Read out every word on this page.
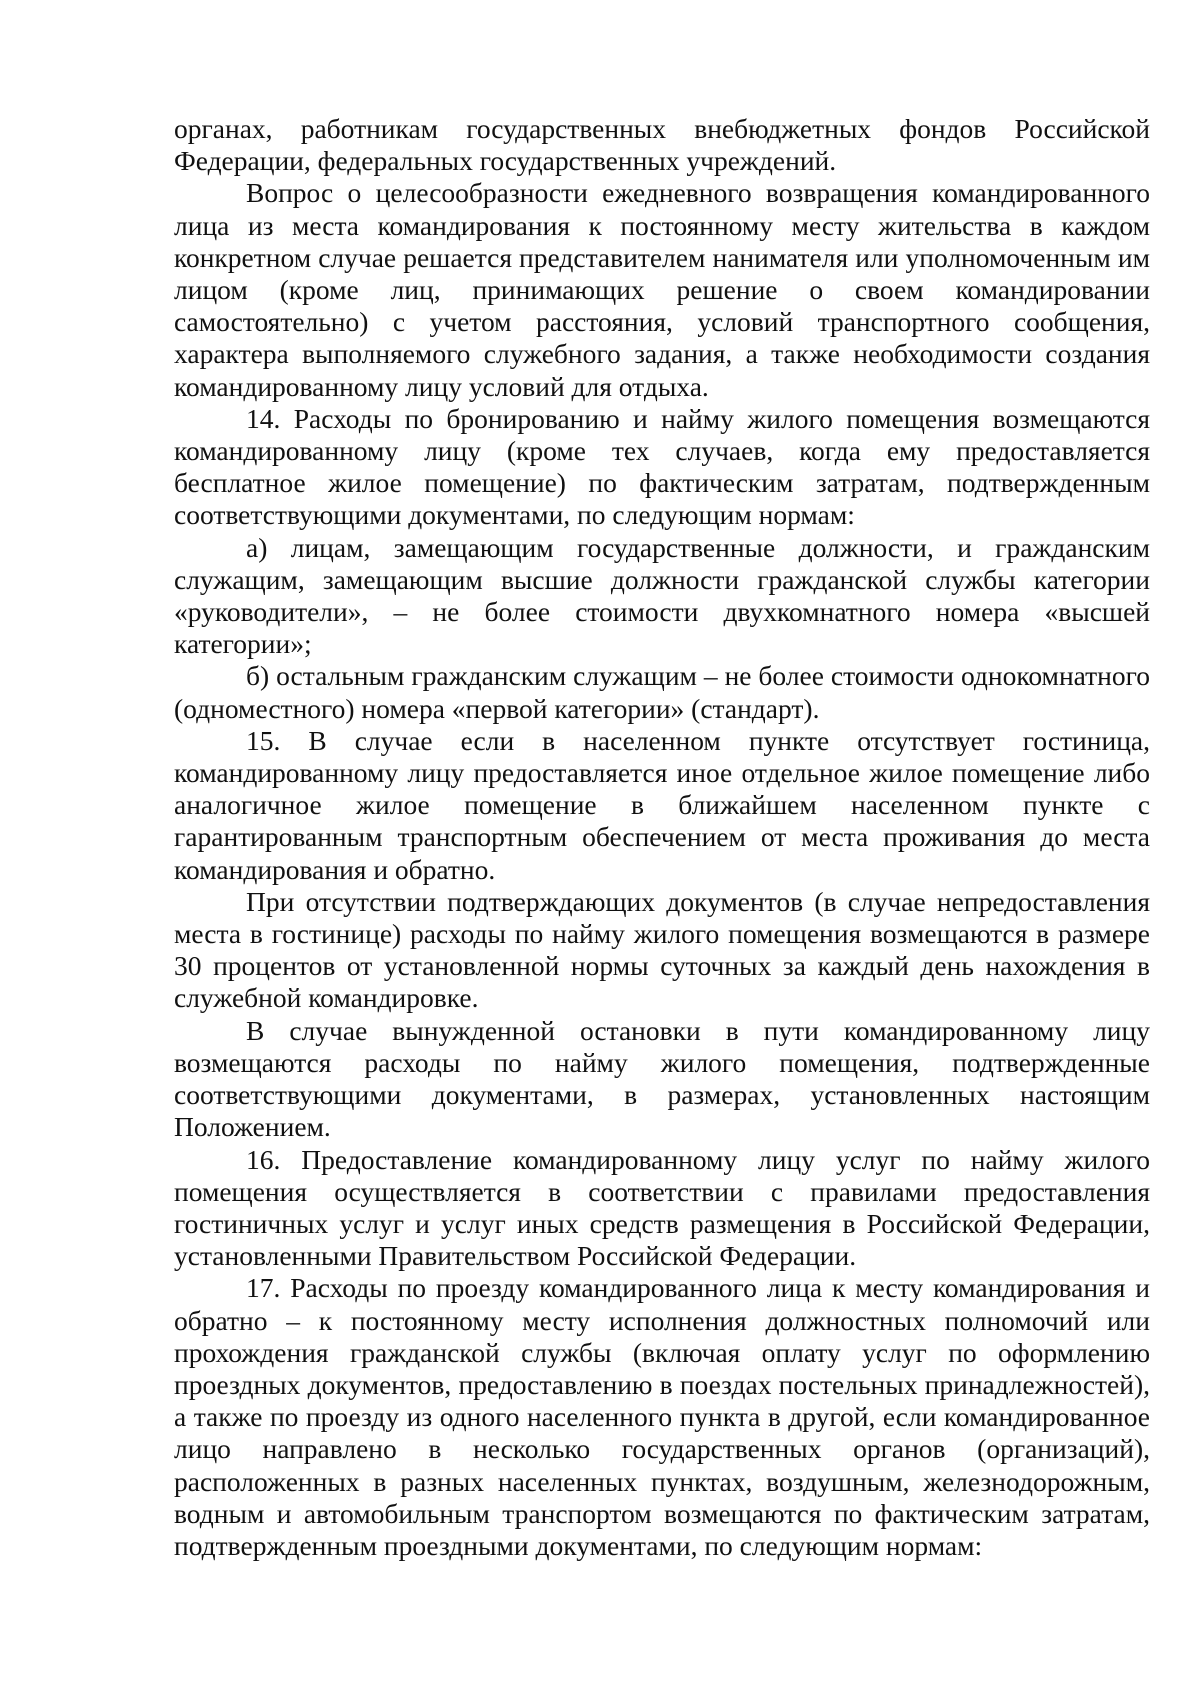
органах, работникам государственных внебюджетных фондов Российской Федерации, федеральных государственных учреждений.

Вопрос о целесообразности ежедневного возвращения командированного лица из места командирования к постоянному месту жительства в каждом конкретном случае решается представителем нанимателя или уполномоченным им лицом (кроме лиц, принимающих решение о своем командировании самостоятельно) с учетом расстояния, условий транспортного сообщения, характера выполняемого служебного задания, а также необходимости создания командированному лицу условий для отдыха.

14. Расходы по бронированию и найму жилого помещения возмещаются командированному лицу (кроме тех случаев, когда ему предоставляется бесплатное жилое помещение) по фактическим затратам, подтвержденным соответствующими документами, по следующим нормам:

а) лицам, замещающим государственные должности, и гражданским служащим, замещающим высшие должности гражданской службы категории «руководители», – не более стоимости двухкомнатного номера «высшей категории»;

б) остальным гражданским служащим – не более стоимости однокомнатного (одноместного) номера «первой категории» (стандарт).

15. В случае если в населенном пункте отсутствует гостиница, командированному лицу предоставляется иное отдельное жилое помещение либо аналогичное жилое помещение в ближайшем населенном пункте с гарантированным транспортным обеспечением от места проживания до места командирования и обратно.

При отсутствии подтверждающих документов (в случае непредоставления места в гостинице) расходы по найму жилого помещения возмещаются в размере 30 процентов от установленной нормы суточных за каждый день нахождения в служебной командировке.

В случае вынужденной остановки в пути командированному лицу возмещаются расходы по найму жилого помещения, подтвержденные соответствующими документами, в размерах, установленных настоящим Положением.

16. Предоставление командированному лицу услуг по найму жилого помещения осуществляется в соответствии с правилами предоставления гостиничных услуг и услуг иных средств размещения в Российской Федерации, установленными Правительством Российской Федерации.

17. Расходы по проезду командированного лица к месту командирования и обратно – к постоянному месту исполнения должностных полномочий или прохождения гражданской службы (включая оплату услуг по оформлению проездных документов, предоставлению в поездах постельных принадлежностей), а также по проезду из одного населенного пункта в другой, если командированное лицо направлено в несколько государственных органов (организаций), расположенных в разных населенных пунктах, воздушным, железнодорожным, водным и автомобильным транспортом возмещаются по фактическим затратам, подтвержденным проездными документами, по следующим нормам:
